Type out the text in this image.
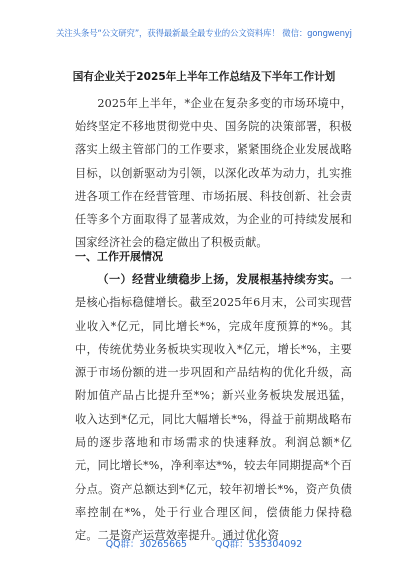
关注头条号“公文研究”，获得最新最全最专业的公文资料库！ 微信：gongwenyj
国有企业关于2025年上半年工作总结及下半年工作计划

2025年上半年，*企业在复杂多变的市场环境中，始终坚定不移地贯彻党中央、国务院的决策部署，积极落实上级主管部门的工作要求，紧紧围绕企业发展战略目标，以创新驱动为引领，以深化改革为动力，扎实推进各项工作在经营管理、市场拓展、科技创新、社会责任等多个方面取得了显著成效，为企业的可持续发展和国家经济社会的稳定做出了积极贡献。

一、工作开展情况

（一）经营业绩稳步上扬，发展根基持续夯实。一是核心指标稳健增长。截至2025年6月末，公司实现营业收入*亿元，同比增长*%，完成年度预算的*%。其中，传统优势业务板块实现收入*亿元，增长*%，主要源于市场份额的进一步巩固和产品结构的优化升级，高附加值产品占比提升至*%；新兴业务板块发展迅猛，收入达到*亿元，同比大幅增长*%，得益于前期战略布局的逐步落地和市场需求的快速释放。利润总额*亿元，同比增长*%，净利率达*%，较去年同期提高*个百分点。资产总额达到*亿元，较年初增长*%，资产负债率控制在*%，处于行业合理区间，偿债能力保持稳定。二是资产运营效率提升。通过优化资

QQ群：30265665	QQ群：535304092
